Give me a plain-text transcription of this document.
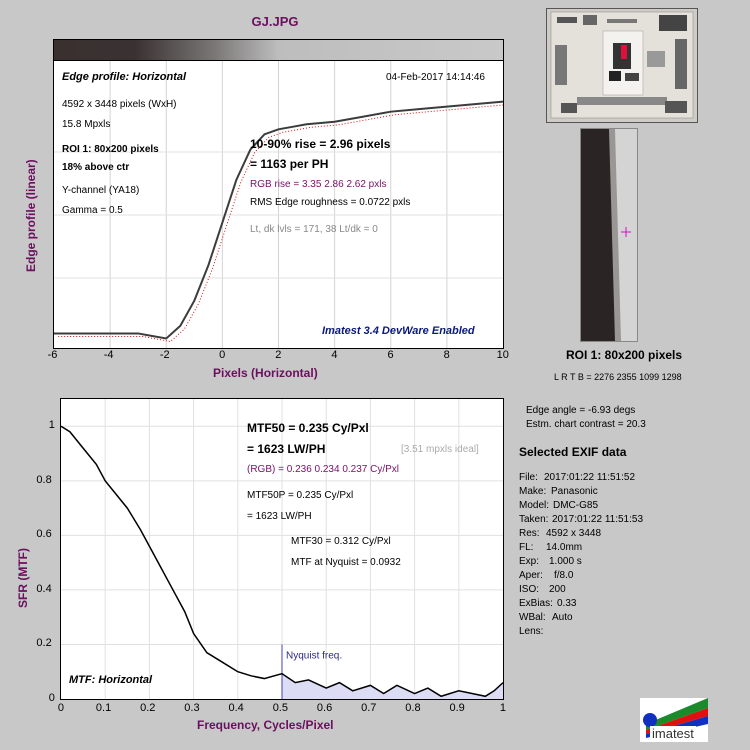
GJ.JPG
Edge profile: Horizontal	04-Feb-2017 14:14:46
4592 x 3448 pixels (WxH)
15.8 Mpxls
ROI 1: 80x200 pixels
18% above ctr
Y-channel (YA18)
Gamma = 0.5
10-90% rise = 2.96 pixels
= 1163 per PH
RGB rise = 3.35 2.86 2.62 pxls
RMS Edge roughness = 0.0722 pxls
Lt, dk lvls = 171, 38 Lt/dk = 0
Imatest 3.4 DevWare Enabled
-6	-4	-2	0	2	4	6	8	10
Edge profile (linear)
Pixels (Horizontal)
Nyquist freq.
MTF50 = 0.235 Cy/Pxl
= 1623 LW/PH	[3.51 mpxls ideal]
(RGB) = 0.236 0.234 0.237 Cy/Pxl
MTF50P = 0.235 Cy/Pxl
= 1623 LW/PH
MTF30 = 0.312 Cy/Pxl
MTF at Nyquist = 0.0932
MTF: Horizontal
0	0.1	0.2	0.3	0.4	0.5	0.6	0.7	0.8	0.9	1
0
0.2
0.4
0.6
0.8
1
SFR (MTF)
Frequency, Cycles/Pixel
ROI 1: 80x200 pixels
L R T B = 2276 2355 1099 1298
Edge angle = -6.93 degs
Estm. chart contrast = 20.3
Selected EXIF data
File: 2017:01:22 11:51:52
Make: Panasonic
Model: DMC-G85
Taken: 2017:01:22 11:51:53
Res: 4592 x 3448
FL: 14.0mm
Exp: 1.000 s
Aper: f/8.0
ISO: 200
ExBias: 0.33
WBal: Auto
Lens:
imatest
